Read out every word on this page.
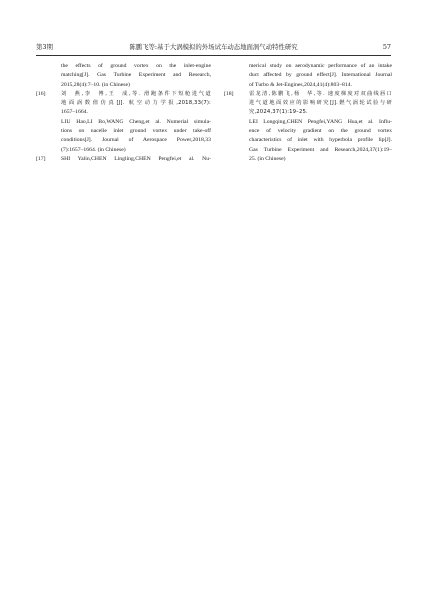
第3期	陈鹏飞等:基于大涡模拟的外场试车动态地面涡气动特性研究	57
the effects of ground vortex on the inlet-engine
matching[J]. Gas Turbine Experiment and Research,
2015,28(4):7–10. (in Chinese)
[16]	刘　燕,李　博,王　成,等. 滑跑条件下短舱进气道
地面涡数值仿真[J]. 航空动力学报,2018,33(7):
1657–1664.
LIU Hao,LI Bo,WANG Cheng,et al. Numerial simula-
tions on nacelle inlet ground vortex under take-off
conditions[J]. Journal of Aerospace Power,2018,33
(7):1657–1664. (in Chinese)
[17]	SHI Yalin,CHEN Lingling,CHEN Pengfei,et al. Nu-
merical study on aerodynamic performance of an intake
duct affected by ground effect[J]. International Journal
of Turbo & Jet-Engines,2024,41(4):803–814.
[18]	雷龙清,陈鹏飞,杨　华,等. 速度梯度对双曲线唇口
进气道地面效应的影响研究[J].燃气涡轮试验与研
究,2024,37(1):19–25.
LEI Longqing,CHEN Pengfei,YANG Hua,et al. Influ-
ence of velocity gradient on the ground vortex
characteristics of inlet with hyperbola profile lip[J].
Gas Turbine Experiment and Research,2024,37(1):19–
25. (in Chinese)
